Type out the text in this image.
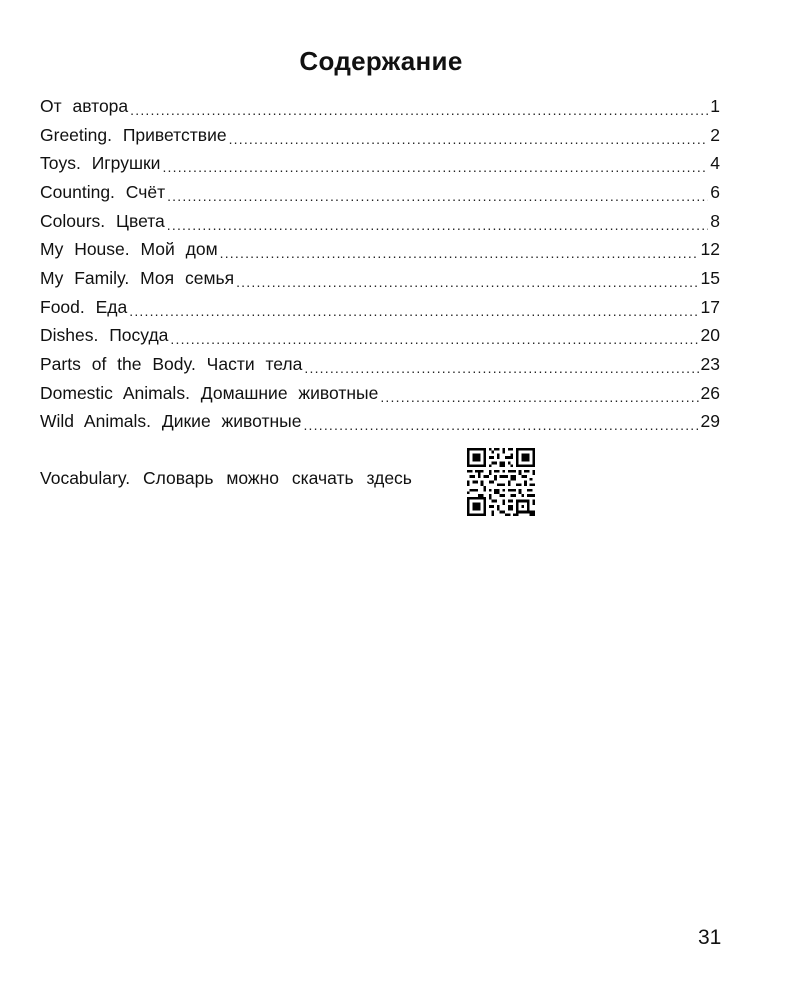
Содержание
От автора .....	1
Greeting. Приветствие .....	2
Toys. Игрушки .....	4
Counting. Счёт .....	6
Colours. Цвета .....	8
My House. Мой дом .....	12
My Family. Моя семья .....	15
Food. Еда .....	17
Dishes. Посуда .....	20
Parts of the Body. Части тела .....	23
Domestic Animals. Домашние животные .....	26
Wild Animals. Дикие животные .....	29
Vocabulary. Словарь можно скачать здесь
31
